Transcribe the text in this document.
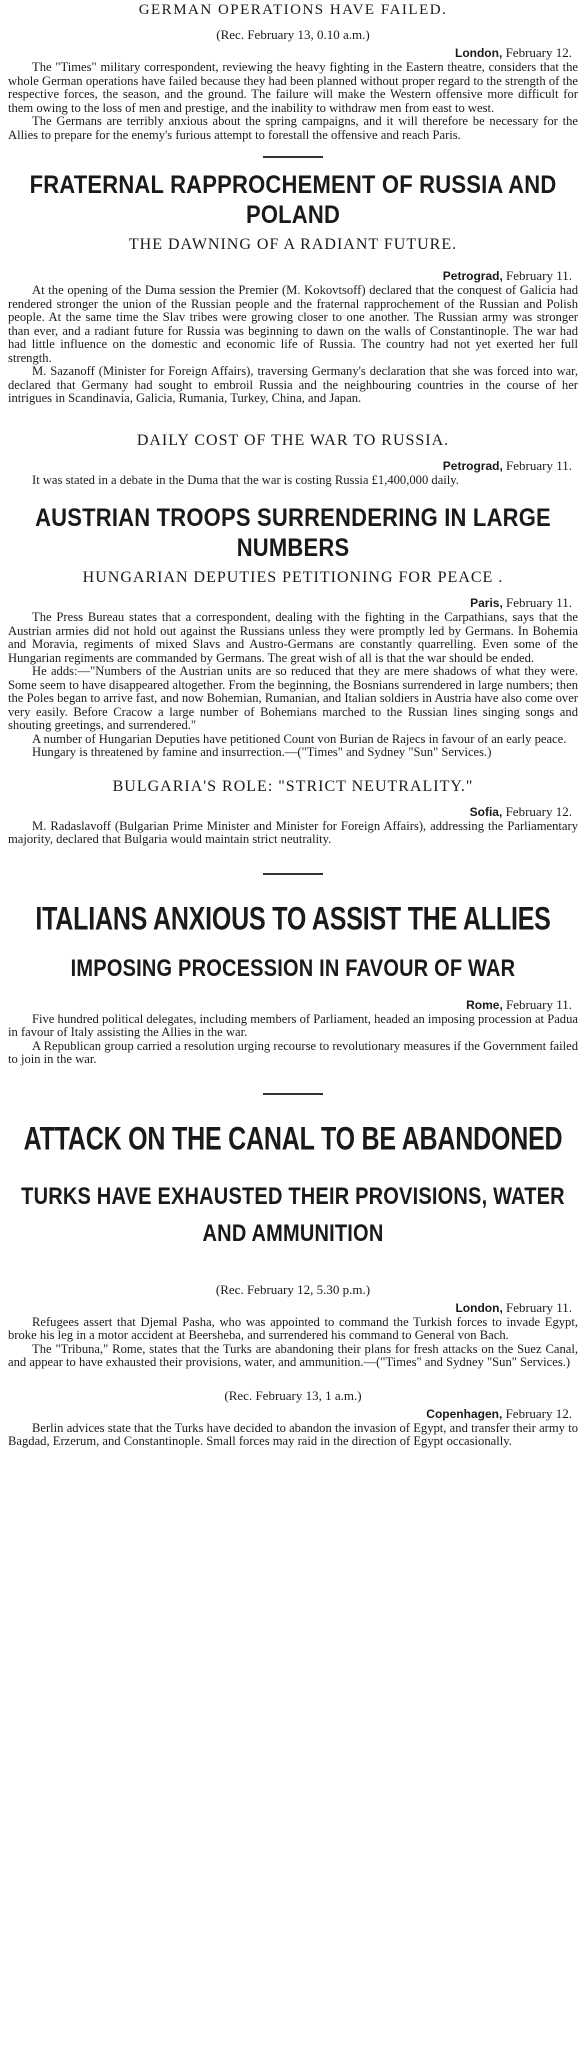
GERMAN OPERATIONS HAVE FAILED.
(Rec. February 13, 0.10 a.m.)
London, February 12.

The "Times" military correspondent, reviewing the heavy fighting in the Eastern theatre, considers that the whole German operations have failed because they had been planned without proper regard to the strength of the respective forces, the season, and the ground. The failure will make the Western offensive more difficult for them owing to the loss of men and prestige, and the inability to withdraw men from east to west.

The Germans are terribly anxious about the spring campaigns, and it will therefore be necessary for the Allies to prepare for the enemy's furious attempt to forestall the offensive and reach Paris.

FRATERNAL RAPPROCHEMENT OF RUSSIA AND POLAND
THE DAWNING OF A RADIANT FUTURE.
Petrograd, February 11.

At the opening of the Duma session the Premier (M. Kokovtsoff) declared that the conquest of Galicia had rendered stronger the union of the Russian people and the fraternal rapprochement of the Russian and Polish people. At the same time the Slav tribes were growing closer to one another. The Russian army was stronger than ever, and a radiant future for Russia was beginning to dawn on the walls of Constantinople. The war had had little influence on the domestic and economic life of Russia. The country had not yet exerted her full strength.

M. Sazanoff (Minister for Foreign Affairs), traversing Germany's declaration that she was forced into war, declared that Germany had sought to embroil Russia and the neighbouring countries in the course of her intrigues in Scandinavia, Galicia, Rumania, Turkey, China, and Japan.

DAILY COST OF THE WAR TO RUSSIA.
Petrograd, February 11.

It was stated in a debate in the Duma that the war is costing Russia £1,400,000 daily.

AUSTRIAN TROOPS SURRENDERING IN LARGE NUMBERS
HUNGARIAN DEPUTIES PETITIONING FOR PEACE .
Paris, February 11.

The Press Bureau states that a correspondent, dealing with the fighting in the Carpathians, says that the Austrian armies did not hold out against the Russians unless they were promptly led by Germans. In Bohemia and Moravia, regiments of mixed Slavs and Austro-Germans are constantly quarrelling. Even some of the Hungarian regiments are commanded by Germans. The great wish of all is that the war should be ended.

He adds:—"Numbers of the Austrian units are so reduced that they are mere shadows of what they were. Some seem to have disappeared altogether. From the beginning, the Bosnians surrendered in large numbers; then the Poles began to arrive fast, and now Bohemian, Rumanian, and Italian soldiers in Austria have also come over very easily. Before Cracow a large number of Bohemians marched to the Russian lines singing songs and shouting greetings, and surrendered."

A number of Hungarian Deputies have petitioned Count von Burian de Rajecs in favour of an early peace.

Hungary is threatened by famine and insurrection.—("Times" and Sydney "Sun" Services.)

BULGARIA'S ROLE: "STRICT NEUTRALITY."
Sofia, February 12.

M. Radaslavoff (Bulgarian Prime Minister and Minister for Foreign Affairs), addressing the Parliamentary majority, declared that Bulgaria would maintain strict neutrality.

ITALIANS ANXIOUS TO ASSIST THE ALLIES
IMPOSING PROCESSION IN FAVOUR OF WAR
Rome, February 11.

Five hundred political delegates, including members of Parliament, headed an imposing procession at Padua in favour of Italy assisting the Allies in the war.

A Republican group carried a resolution urging recourse to revolutionary measures if the Government failed to join in the war.

ATTACK ON THE CANAL TO BE ABANDONED
TURKS HAVE EXHAUSTED THEIR PROVISIONS, WATER
AND AMMUNITION
(Rec. February 12, 5.30 p.m.)
London, February 11.

Refugees assert that Djemal Pasha, who was appointed to command the Turkish forces to invade Egypt, broke his leg in a motor accident at Beersheba, and surrendered his command to General von Bach.

The "Tribuna," Rome, states that the Turks are abandoning their plans for fresh attacks on the Suez Canal, and appear to have exhausted their provisions, water, and ammunition.—("Times" and Sydney "Sun" Services.)

(Rec. February 13, 1 a.m.)
Copenhagen, February 12.

Berlin advices state that the Turks have decided to abandon the invasion of Egypt, and transfer their army to Bagdad, Erzerum, and Constantinople. Small forces may raid in the direction of Egypt occasionally.
